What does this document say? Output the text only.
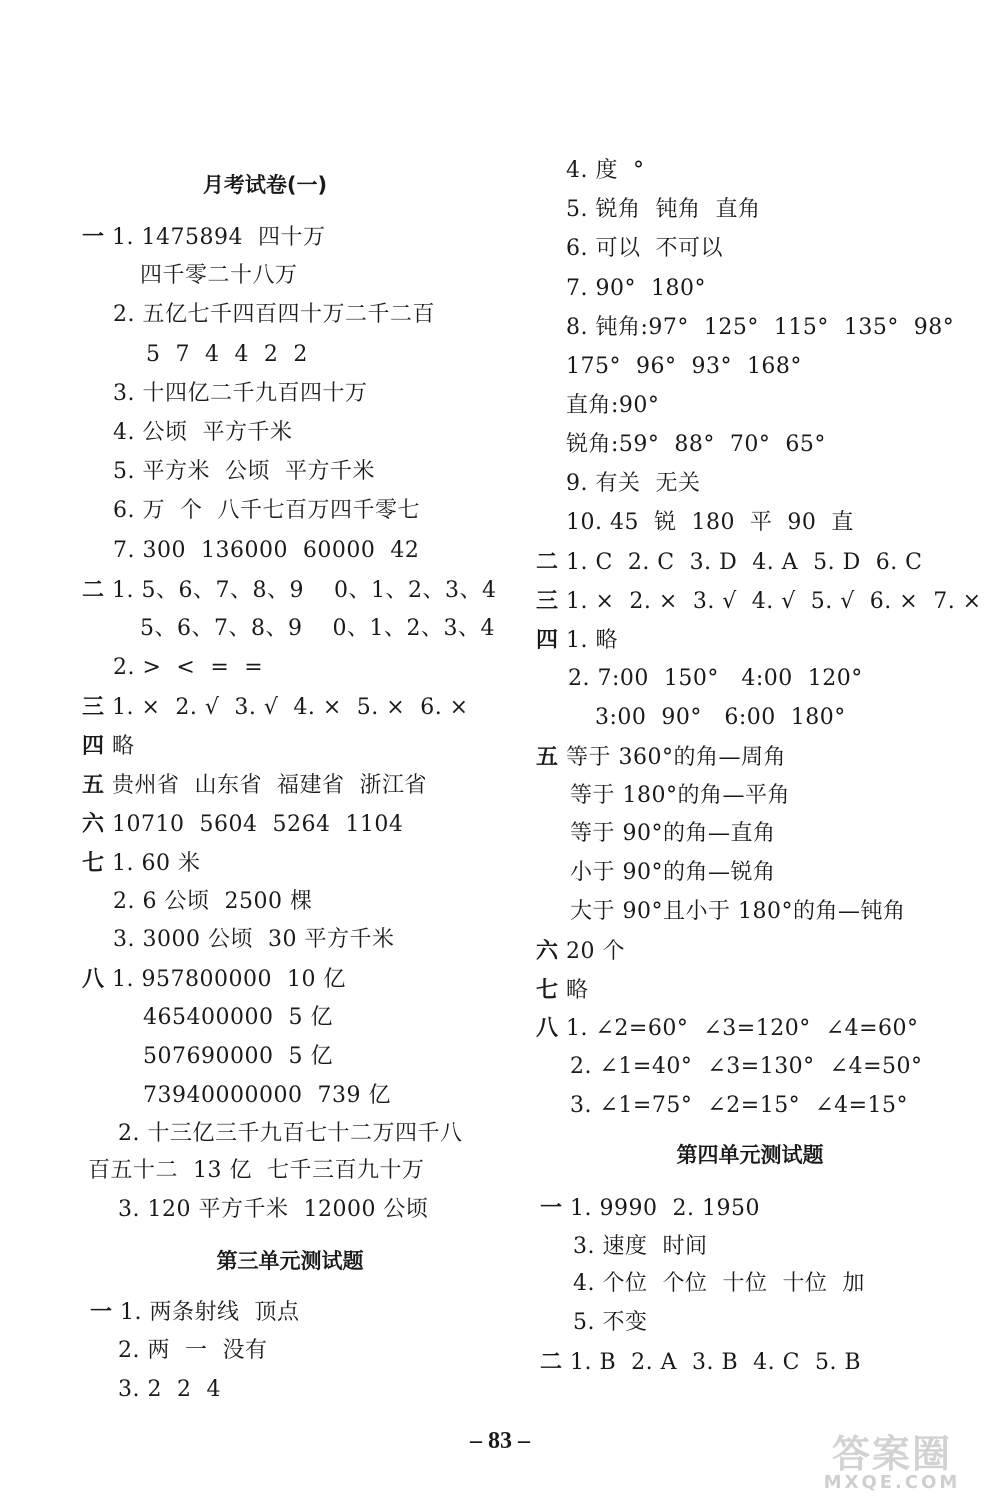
月考试卷(一)
一 1. 1475894  四十万
四千零二十八万
2. 五亿七千四百四十万二千二百
5  7  4  4  2  2
3. 十四亿二千九百四十万
4. 公顷  平方千米
5. 平方米  公顷  平方千米
6. 万  个  八千七百万四千零七
7. 300  136000  60000  42
二 1. 5、6、7、8、9    0、1、2、3、4
5、6、7、8、9    0、1、2、3、4
2. >  <  =  =
三 1. ×  2. √  3. √  4. ×  5. ×  6. ×
四 略
五 贵州省  山东省  福建省  浙江省
六 10710  5604  5264  1104
七 1. 60 米
2. 6 公顷  2500 棵
3. 3000 公顷  30 平方千米
八 1. 957800000  10 亿
465400000  5 亿
507690000  5 亿
73940000000  739 亿
2. 十三亿三千九百七十二万四千八
百五十二  13 亿  七千三百九十万
3. 120 平方千米  12000 公顷
第三单元测试题
一 1. 两条射线  顶点
2. 两  一  没有
3. 2  2  4
4. 度  °
5. 锐角  钝角  直角
6. 可以  不可以
7. 90°  180°
8. 钝角:97°  125°  115°  135°  98°
175°  96°  93°  168°
直角:90°
锐角:59°  88°  70°  65°
9. 有关  无关
10. 45  锐  180  平  90  直
二 1. C  2. C  3. D  4. A  5. D  6. C
三 1. ×  2. ×  3. √  4. √  5. √  6. ×  7. ×
四 1. 略
2. 7:00  150°   4:00  120°
3:00  90°   6:00  180°
五 等于 360°的角—周角
等于 180°的角—平角
等于 90°的角—直角
小于 90°的角—锐角
大于 90°且小于 180°的角—钝角
六 20 个
七 略
八 1. ∠2=60°  ∠3=120°  ∠4=60°
2. ∠1=40°  ∠3=130°  ∠4=50°
3. ∠1=75°  ∠2=15°  ∠4=15°
第四单元测试题
一 1. 9990  2. 1950
3. 速度  时间
4. 个位  个位  十位  十位  加
5. 不变
二 1. B  2. A  3. B  4. C  5. B
– 83 –	答案圈
MXQE.COM
